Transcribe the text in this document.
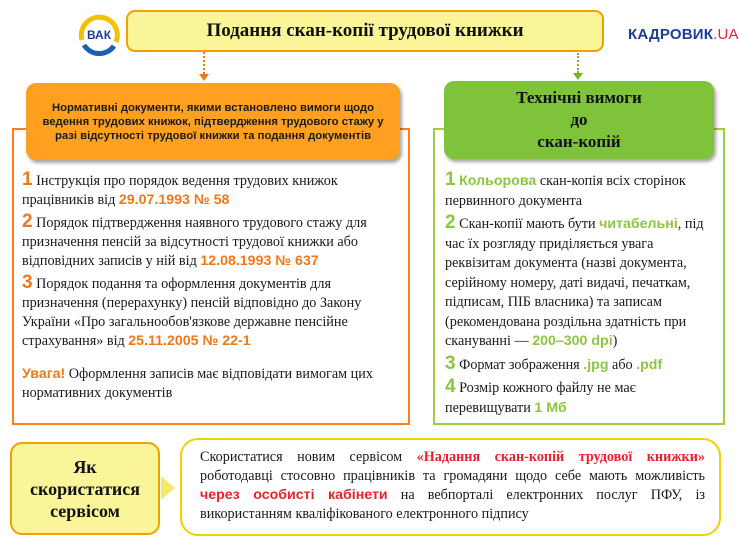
ВАК	Подання скан-копії трудової книжки	КАДРОВИК.UA
Нормативні документи, якими встановлено вимоги щодо ведення трудових книжок, підтвердження трудового стажу у разі відсутності трудової книжки та подання документів
1 Інструкція про порядок ведення трудових книжок працівників від 29.07.1993 № 58
2 Порядок підтвердження наявного трудового стажу для призначення пенсій за відсутності трудової книжки або відповідних записів у ній від 12.08.1993 № 637
3 Порядок подання та оформлення документів для призначення (перерахунку) пенсій відповідно до Закону України «Про загальнообов'язкове державне пенсійне страхування» від 25.11.2005 № 22-1
Увага! Оформлення записів має відповідати вимогам цих нормативних документів
Технічні вимоги
до
скан-копій
1 Кольорова скан-копія всіх сторінок первинного документа
2 Скан-копії мають бути читабельні, під час їх розгляду приділяється увага реквізитам документа (назві документа, серійному номеру, даті видачі, печаткам, підписам, ПІБ власника) та записам (рекомендована роздільна здатність при скануванні — 200–300 dpi)
3 Формат зображення .jpg або .pdf
4 Розмір кожного файлу не має перевищувати 1 Мб
Як
скористатися
сервісом
Скористатися новим сервісом «Надання скан-копій трудової книжки» роботодавці стосовно працівників та громадяни щодо себе мають можливість через особисті кабінети на вебпорталі електронних послуг ПФУ, із використанням кваліфікованого електронного підпису
